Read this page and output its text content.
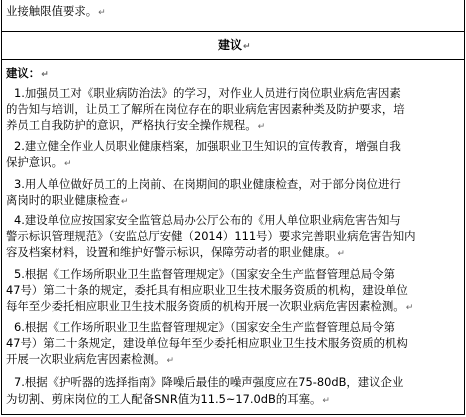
业接触限值要求。↵
建议↵
建议：↵
1.加强员工对《职业病防治法》的学习，对作业人员进行岗位职业病危害因素
的告知与培训，让员工了解所在岗位存在的职业病危害因素种类及防护要求，培
养员工自我防护的意识，严格执行安全操作规程。↵
2.建立健全作业人员职业健康档案，加强职业卫生知识的宣传教育，增强自我
保护意识。↵
3.用人单位做好员工的上岗前、在岗期间的职业健康检查，对于部分岗位进行
离岗时的职业健康检查↵
4.建设单位应按国家安全监管总局办公厅公布的《用人单位职业病危害告知与
警示标识管理规范》（安监总厅安健（2014）111号）要求完善职业病危害告知内
容及档案材料，设置和维护好警示标识，保障劳动者的职业健康。↵
5.根据《工作场所职业卫生监督管理规定》（国家安全生产监督管理总局令第
47号）第二十条的规定，委托具有相应职业卫生技术服务资质的机构，建设单位
每年至少委托相应职业卫生技术服务资质的机构开展一次职业病危害因素检测。↵
6.根据《工作场所职业卫生监督管理规定》（国家安全生产监督管理总局令第
47号）第二十条规定，建设单位每年至少委托相应职业卫生技术服务资质的机构
开展一次职业病危害因素检测。↵
7.根据《护听器的选择指南》降噪后最佳的噪声强度应在75-80dB，建议企业
为切割、剪床岗位的工人配备SNR值为11.5~17.0dB的耳塞。↵
